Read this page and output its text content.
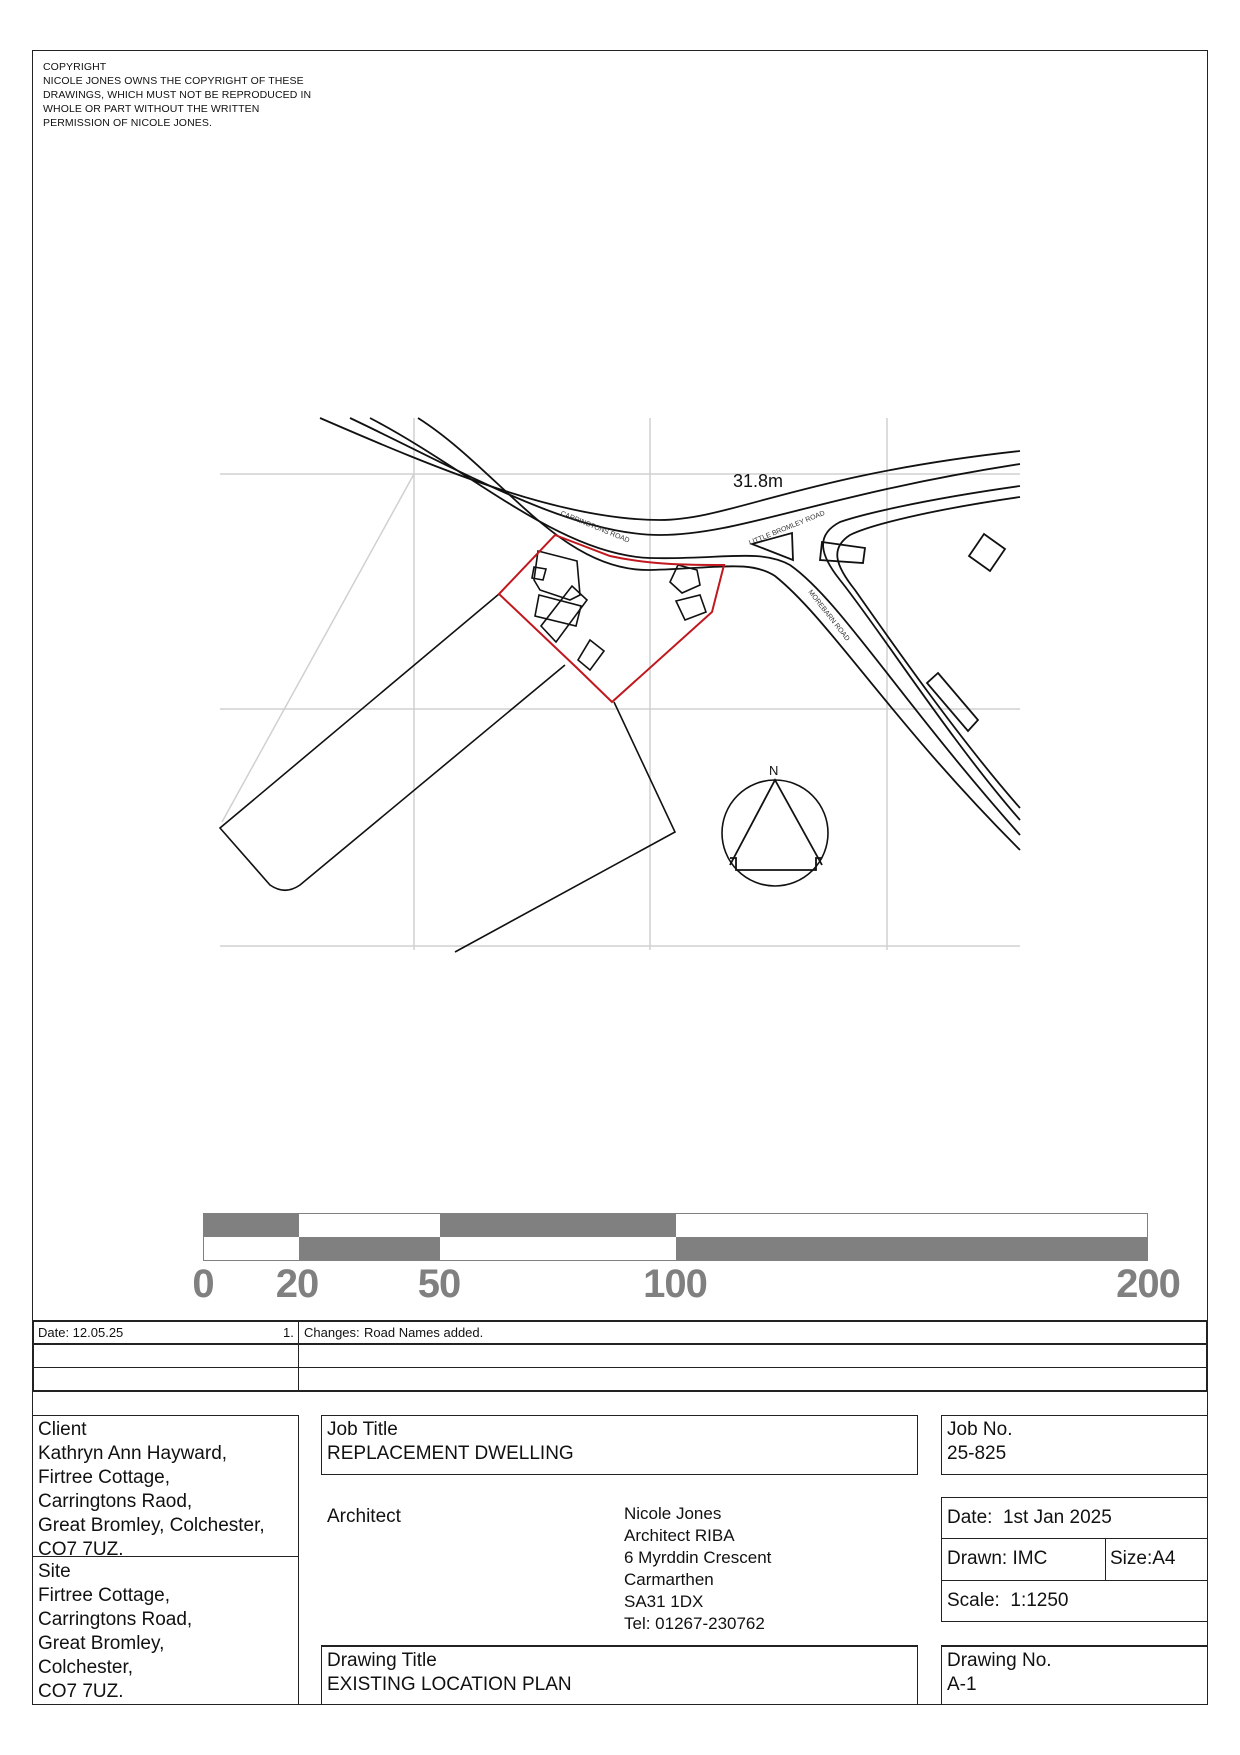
COPYRIGHT
NICOLE JONES OWNS THE COPYRIGHT OF THESE
DRAWINGS, WHICH MUST NOT BE REPRODUCED IN
WHOLE OR PART WITHOUT THE WRITTEN
PERMISSION OF NICOLE JONES.
CARRINGTONS ROAD	LITTLE BROMLEY ROAD
MOREBARN ROAD
31.8m
N
0 20 50	100	200
Date: 12.05.25	1. Changes: Road Names added.
Client
Kathryn Ann Hayward,
Firtree Cottage,
Carringtons Raod,
Great Bromley, Colchester,
CO7 7UZ.
Site
Firtree Cottage,
Carringtons Road,
Great Bromley,
Colchester,
CO7 7UZ.
Job Title
REPLACEMENT DWELLING
Job No.
25-825
Architect	Nicole Jones
Architect RIBA
6 Myrddin Crescent
Carmarthen
SA31 1DX
Tel: 01267-230762
Date: 1st Jan 2025
Drawn: IMC	Size:A4
Scale: 1:1250
Drawing Title
EXISTING LOCATION PLAN
Drawing No.
A-1
